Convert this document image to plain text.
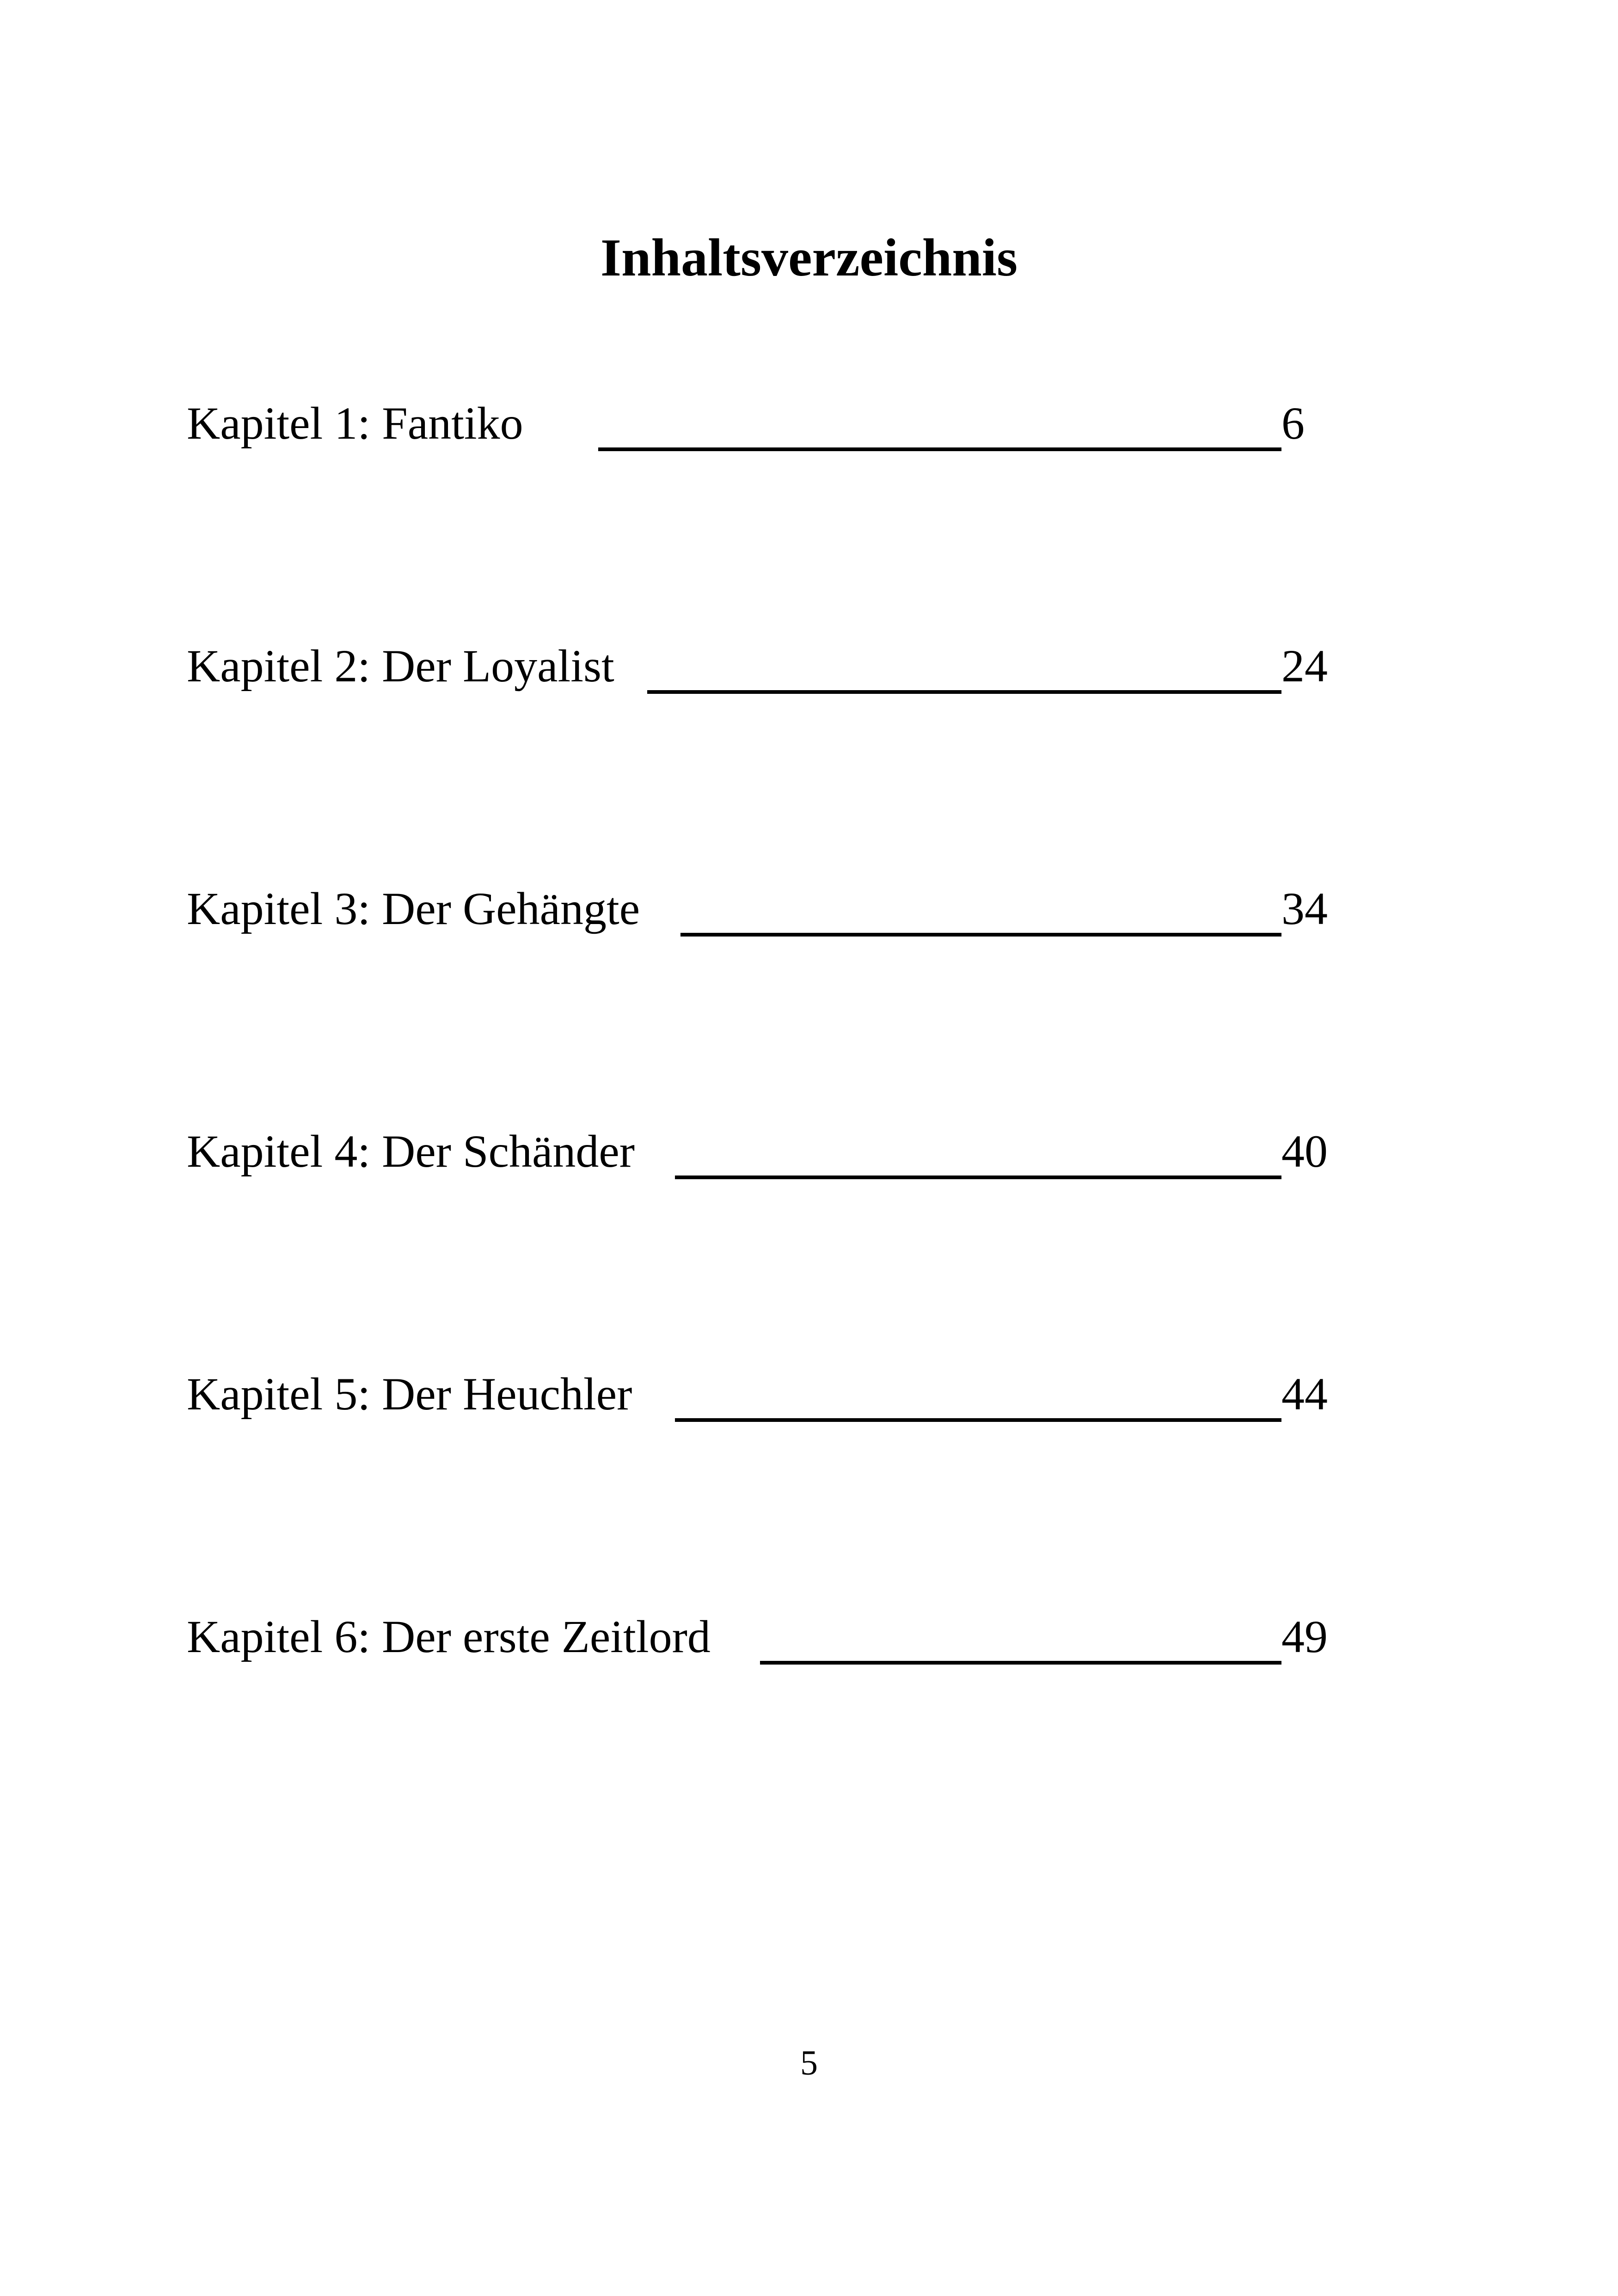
Inhaltsverzeichnis
Kapitel 1: Fantiko	6
Kapitel 2: Der Loyalist	24
Kapitel 3: Der Gehängte	34
Kapitel 4: Der Schänder	40
Kapitel 5: Der Heuchler	44
Kapitel 6: Der erste Zeitlord	49
5
